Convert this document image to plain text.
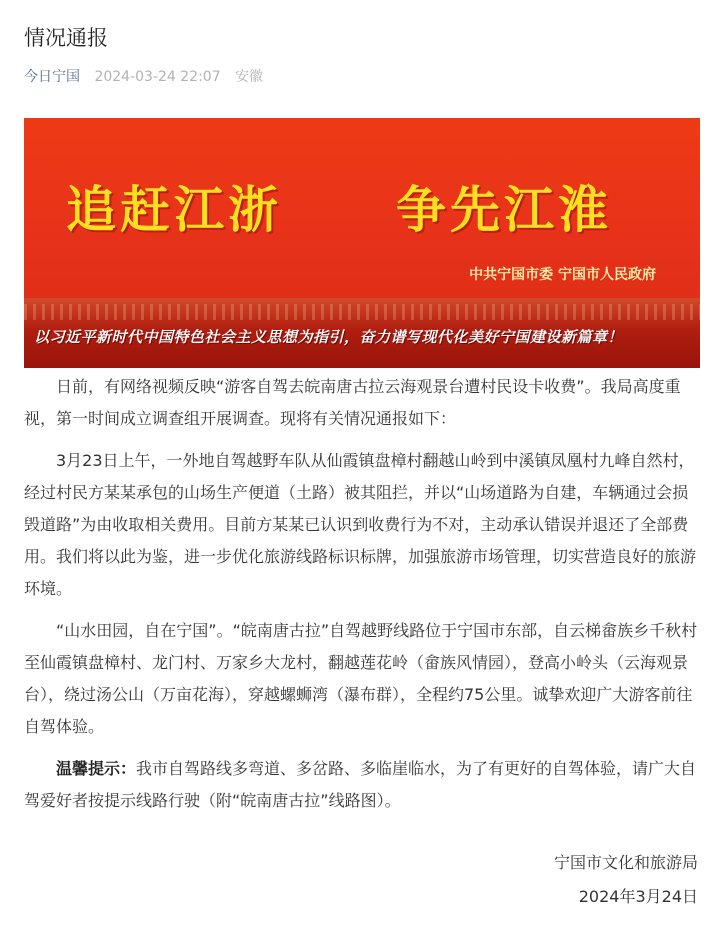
情况通报
今日宁国 2024-03-24 22:07 安徽
追赶江浙 争先江淮
中共宁国市委 宁国市人民政府
以习近平新时代中国特色社会主义思想为指引，奋力谱写现代化美好宁国建设新篇章！

日前，有网络视频反映“游客自驾去皖南唐古拉云海观景台遭村民设卡收费”。我局高度重视，第一时间成立调查组开展调查。现将有关情况通报如下：

3月23日上午，一外地自驾越野车队从仙霞镇盘樟村翻越山岭到中溪镇凤凰村九峰自然村，经过村民方某某承包的山场生产便道（土路）被其阻拦，并以“山场道路为自建，车辆通过会损毁道路”为由收取相关费用。目前方某某已认识到收费行为不对，主动承认错误并退还了全部费用。我们将以此为鉴，进一步优化旅游线路标识标牌，加强旅游市场管理，切实营造良好的旅游环境。

“山水田园，自在宁国”。“皖南唐古拉”自驾越野线路位于宁国市东部，自云梯畲族乡千秋村至仙霞镇盘樟村、龙门村、万家乡大龙村，翻越莲花岭（畲族风情园），登高小岭头（云海观景台），绕过汤公山（万亩花海），穿越螺蛳湾（瀑布群），全程约75公里。诚挚欢迎广大游客前往自驾体验。

温馨提示：我市自驾路线多弯道、多岔路、多临崖临水，为了有更好的自驾体验，请广大自驾爱好者按提示线路行驶（附“皖南唐古拉”线路图）。

宁国市文化和旅游局
2024年3月24日
